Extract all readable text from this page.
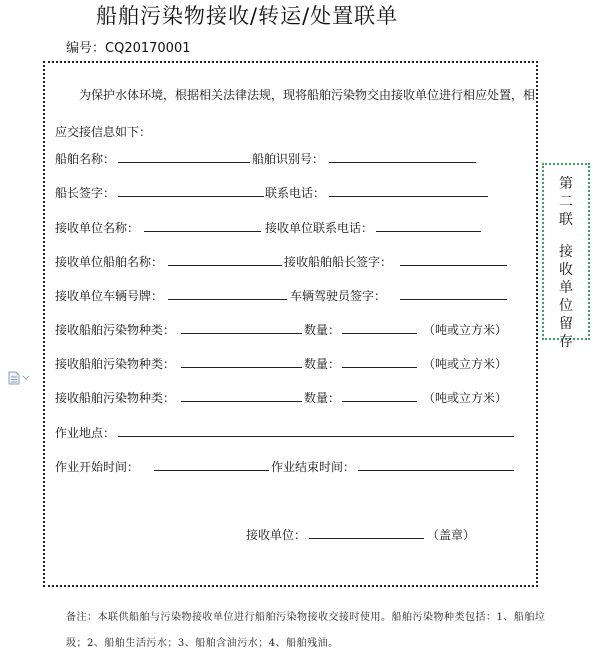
船舶污染物接收/转运/处置联单
编号：CQ20170001
第二联
接收单位留存
为保护水体环境，根据相关法律法规，现将船舶污染物交由接收单位进行相应处置，相应交接信息如下：
船舶名称：	船舶识别号：
船长签字：	联系电话：
接收单位名称：	接收单位联系电话：
接收单位船舶名称：	接收船舶船长签字：
接收单位车辆号牌：	车辆驾驶员签字：
接收船舶污染物种类：	数量：	（吨或立方米）
接收船舶污染物种类：	数量：	（吨或立方米）
接收船舶污染物种类：	数量：	（吨或立方米）
作业地点：
作业开始时间：	作业结束时间：
接收单位：	（盖章）
备注：本联供船舶与污染物接收单位进行船舶污染物接收交接时使用。船舶污染物种类包括：1、船舶垃圾；2、船舶生活污水；3、船舶含油污水；4、船舶残油。
